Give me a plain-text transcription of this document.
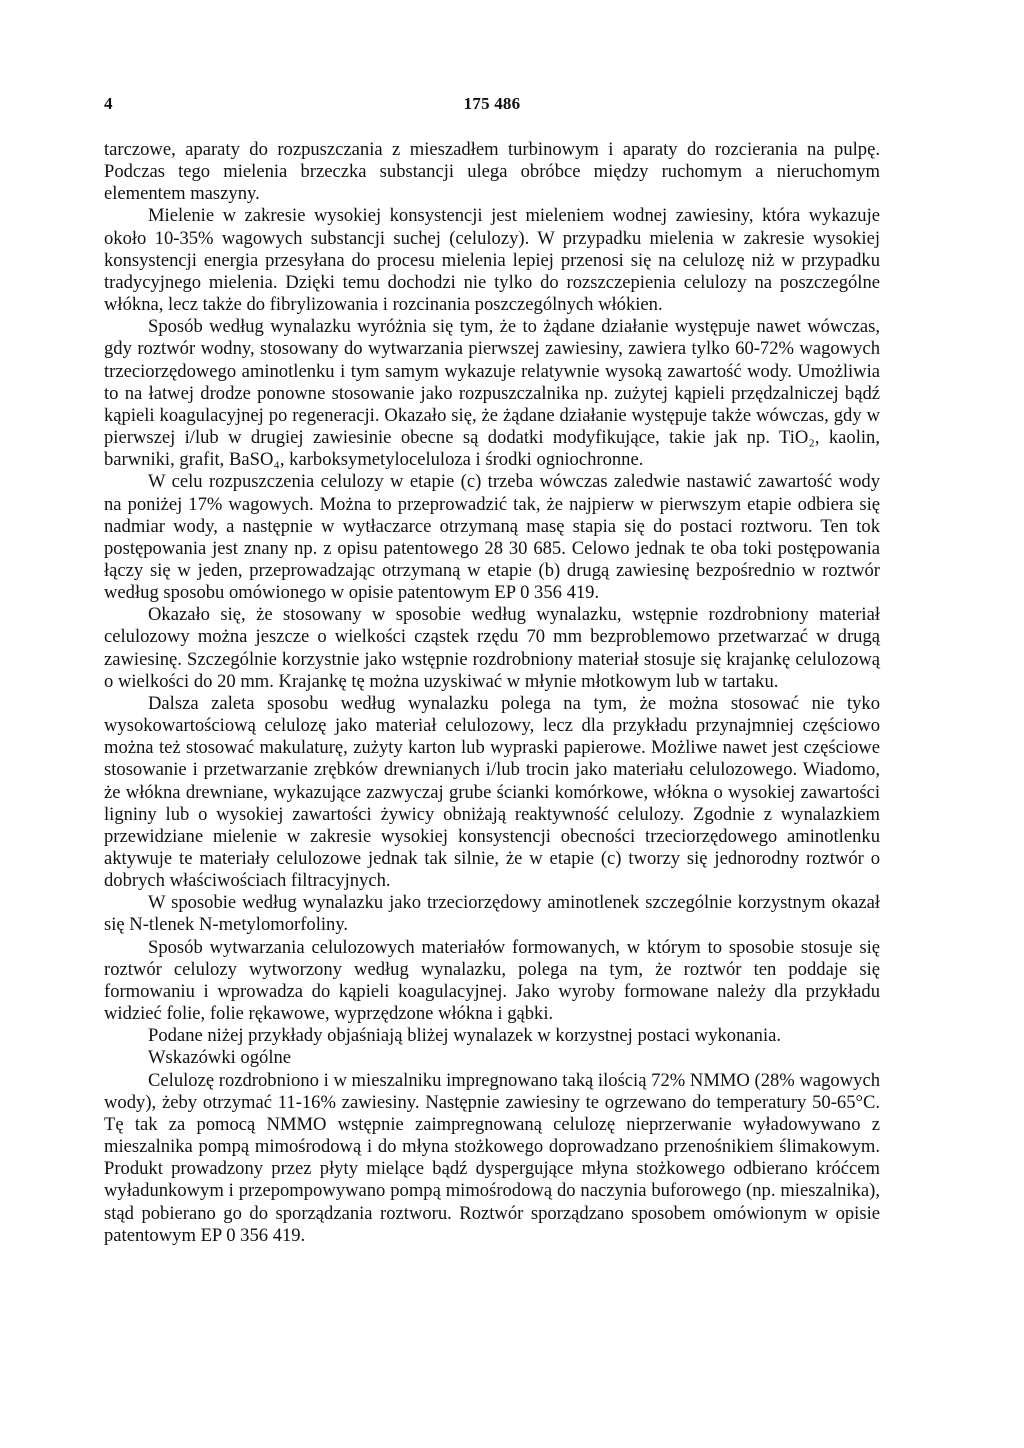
4	175 486

tarczowe, aparaty do rozpuszczania z mieszadłem turbinowym i aparaty do rozcierania na pulpę. Podczas tego mielenia brzeczka substancji ulega obróbce między ruchomym a nieruchomym elementem maszyny.

Mielenie w zakresie wysokiej konsystencji jest mieleniem wodnej zawiesiny, która wykazuje około 10-35% wagowych substancji suchej (celulozy). W przypadku mielenia w zakresie wysokiej konsystencji energia przesyłana do procesu mielenia lepiej przenosi się na celulozę niż w przypadku tradycyjnego mielenia. Dzięki temu dochodzi nie tylko do rozszczepienia celulozy na poszczególne włókna, lecz także do fibrylizowania i rozcinania poszczególnych włókien.

Sposób według wynalazku wyróżnia się tym, że to żądane działanie występuje nawet wówczas, gdy roztwór wodny, stosowany do wytwarzania pierwszej zawiesiny, zawiera tylko 60-72% wagowych trzeciorzędowego aminotlenku i tym samym wykazuje relatywnie wysoką zawartość wody. Umożliwia to na łatwej drodze ponowne stosowanie jako rozpuszczalnika np. zużytej kąpieli przędzalniczej bądź kąpieli koagulacyjnej po regeneracji. Okazało się, że żądane działanie występuje także wówczas, gdy w pierwszej i/lub w drugiej zawiesinie obecne są dodatki modyfikujące, takie jak np. TiO₂, kaolin, barwniki, grafit, BaSO₄, karboksymetyloceluloza i środki ogniochronne.

W celu rozpuszczenia celulozy w etapie (c) trzeba wówczas zaledwie nastawić zawartość wody na poniżej 17% wagowych. Można to przeprowadzić tak, że najpierw w pierwszym etapie odbiera się nadmiar wody, a następnie w wytłaczarce otrzymaną masę stapia się do postaci roztworu. Ten tok postępowania jest znany np. z opisu patentowego 28 30 685. Celowo jednak te oba toki postępowania łączy się w jeden, przeprowadzając otrzymaną w etapie (b) drugą zawiesinę bezpośrednio w roztwór według sposobu omówionego w opisie patentowym EP 0 356 419.

Okazało się, że stosowany w sposobie według wynalazku, wstępnie rozdrobniony materiał celulozowy można jeszcze o wielkości cząstek rzędu 70 mm bezproblemowo przetwarzać w drugą zawiesinę. Szczególnie korzystnie jako wstępnie rozdrobniony materiał stosuje się krajankę celulozową o wielkości do 20 mm. Krajankę tę można uzyskiwać w młynie młotkowym lub w tartaku.

Dalsza zaleta sposobu według wynalazku polega na tym, że można stosować nie tyko wysokowartościową celulozę jako materiał celulozowy, lecz dla przykładu przynajmniej częściowo można też stosować makulaturę, zużyty karton lub wypraski papierowe. Możliwe nawet jest częściowe stosowanie i przetwarzanie zrębków drewnianych i/lub trocin jako materiału celulozowego. Wiadomo, że włókna drewniane, wykazujące zazwyczaj grube ścianki komórkowe, włókna o wysokiej zawartości ligniny lub o wysokiej zawartości żywicy obniżają reaktywność celulozy. Zgodnie z wynalazkiem przewidziane mielenie w zakresie wysokiej konsystencji obecności trzeciorzędowego aminotlenku aktywuje te materiały celulozowe jednak tak silnie, że w etapie (c) tworzy się jednorodny roztwór o dobrych właściwościach filtracyjnych.

W sposobie według wynalazku jako trzeciorzędowy aminotlenek szczególnie korzystnym okazał się N-tlenek N-metylomorfoliny.

Sposób wytwarzania celulozowych materiałów formowanych, w którym to sposobie stosuje się roztwór celulozy wytworzony według wynalazku, polega na tym, że roztwór ten poddaje się formowaniu i wprowadza do kąpieli koagulacyjnej. Jako wyroby formowane należy dla przykładu widzieć folie, folie rękawowe, wyprzędzone włókna i gąbki.

Podane niżej przykłady objaśniają bliżej wynalazek w korzystnej postaci wykonania.

Wskazówki ogólne

Celulozę rozdrobniono i w mieszalniku impregnowano taką ilością 72% NMMO (28% wagowych wody), żeby otrzymać 11-16% zawiesiny. Następnie zawiesiny te ogrzewano do temperatury 50-65°C. Tę tak za pomocą NMMO wstępnie zaimpregnowaną celulozę nieprzerwanie wyładowywano z mieszalnika pompą mimośrodową i do młyna stożkowego doprowadzano przenośnikiem ślimakowym. Produkt prowadzony przez płyty mielące bądź dyspergujące młyna stożkowego odbierano króćcem wyładunkowym i przepompowywano pompą mimośrodową do naczynia buforowego (np. mieszalnika), stąd pobierano go do sporządzania roztworu. Roztwór sporządzano sposobem omówionym w opisie patentowym EP 0 356 419.
